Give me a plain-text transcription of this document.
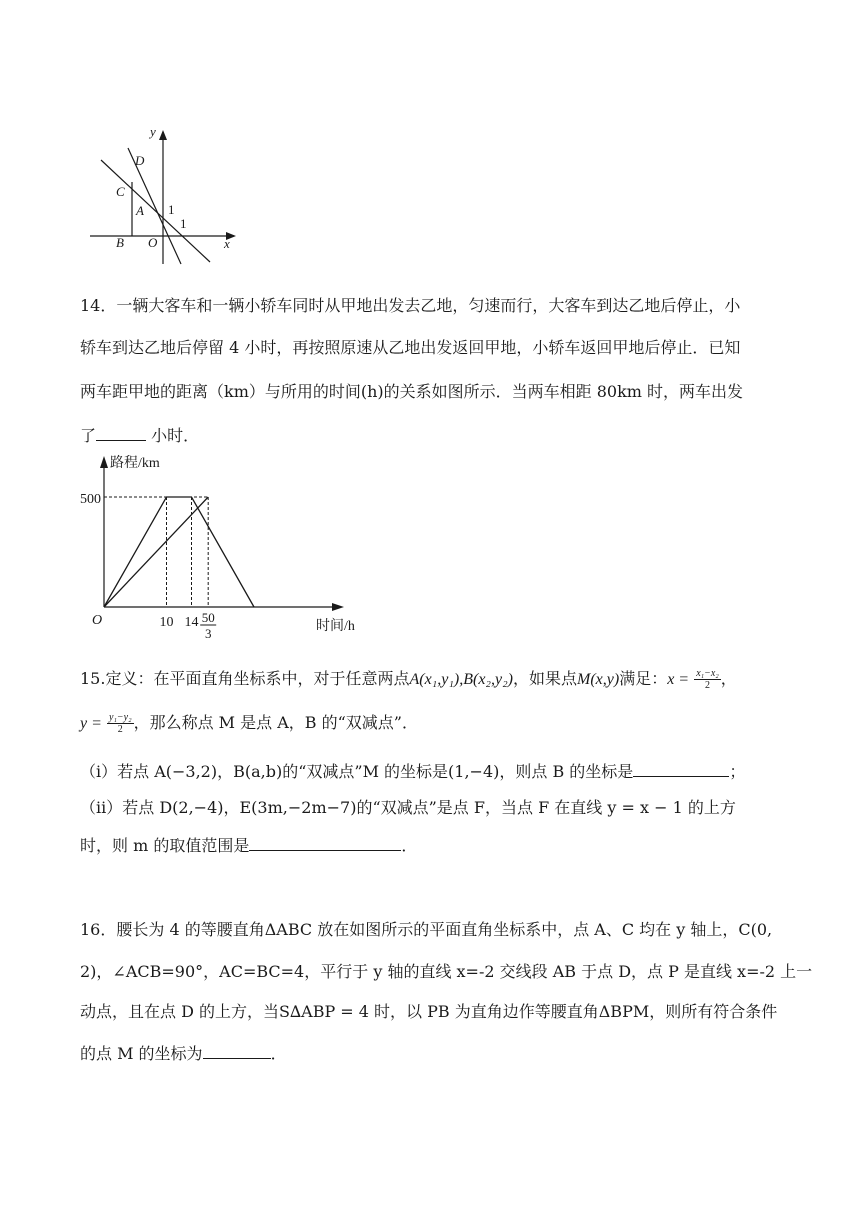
y
x
D
C
A
B O
1
1
14．一辆大客车和一辆小轿车同时从甲地出发去乙地，匀速而行，大客车到达乙地后停止，小
轿车到达乙地后停留 4 小时，再按照原速从乙地出发返回甲地，小轿车返回甲地后停止．已知
两车距甲地的距离（km）与所用的时间(h)的关系如图所示．当两车相距 80km 时，两车出发
了	小时．
路程/km
时间/h
O
500
10 14 50
3
15.定义：在平面直角坐标系中，对于任意两点A(x₁,y₁),B(x₂,y₂)，如果点M(x,y)满足：$x = \frac{\text{x₁−x₂}}{2}$ ，
$y = \frac{\text{y₁−y₂}}{2}$ ，那么称点 M 是点 A，B 的“双减点”．
（i）若点 A(−3,2)，B(a,b)的“双减点”M 的坐标是(1,−4)，则点 B 的坐标是	；
（ii）若点 D(2,−4)，E(3m,−2m−7)的“双减点”是点 F，当点 F 在直线 y = x − 1 的上方
时，则 m 的取值范围是	．
16．腰长为 4 的等腰直角ΔABC 放在如图所示的平面直角坐标系中，点 A、C 均在 y 轴上，C(0,
2)，∠ACB=90°，AC=BC=4，平行于 y 轴的直线 x=-2 交线段 AB 于点 D，点 P 是直线 x=-2 上一
动点，且在点 D 的上方，当S∆ABP = 4 时，以 PB 为直角边作等腰直角ΔBPM，则所有符合条件
的点 M 的坐标为	．
